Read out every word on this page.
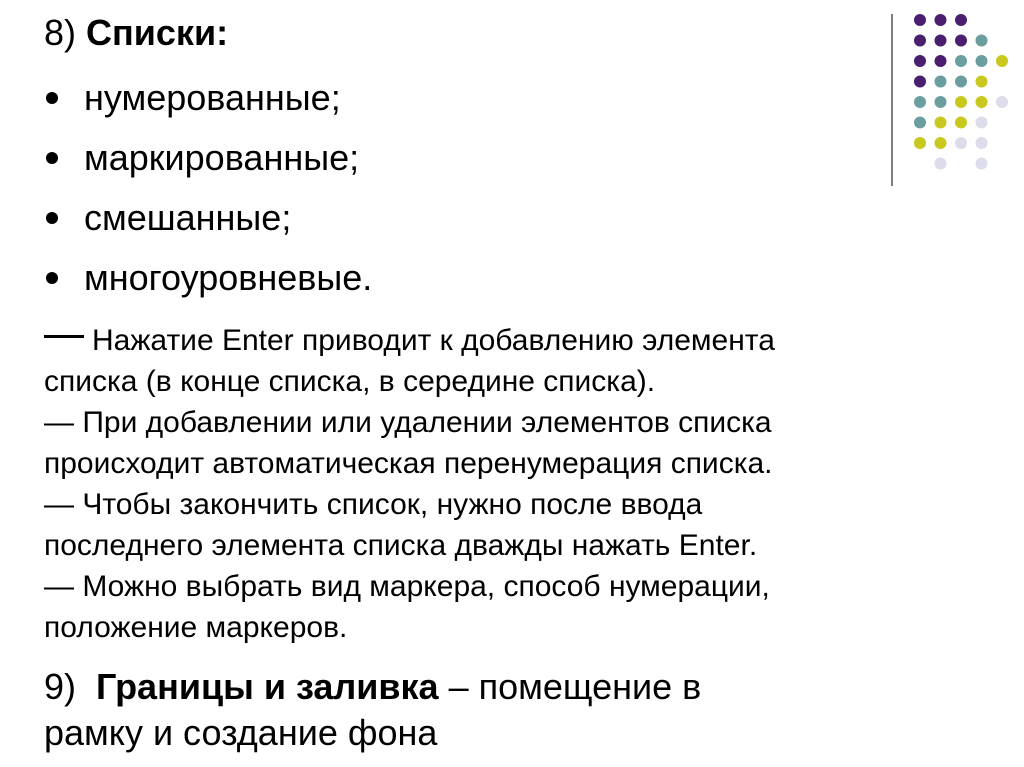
8) Списки:
нумерованные;
маркированные;
смешанные;
многоуровневые.
Нажатие Enter приводит к добавлению элемента
списка (в конце списка, в середине списка).
— При добавлении или удалении элементов списка
происходит автоматическая перенумерация списка.
— Чтобы закончить список, нужно после ввода
последнего элемента списка дважды нажать Enter.
— Можно выбрать вид маркера, способ нумерации,
положение маркеров.
9) Границы и заливка – помещение в
рамку и создание фона
